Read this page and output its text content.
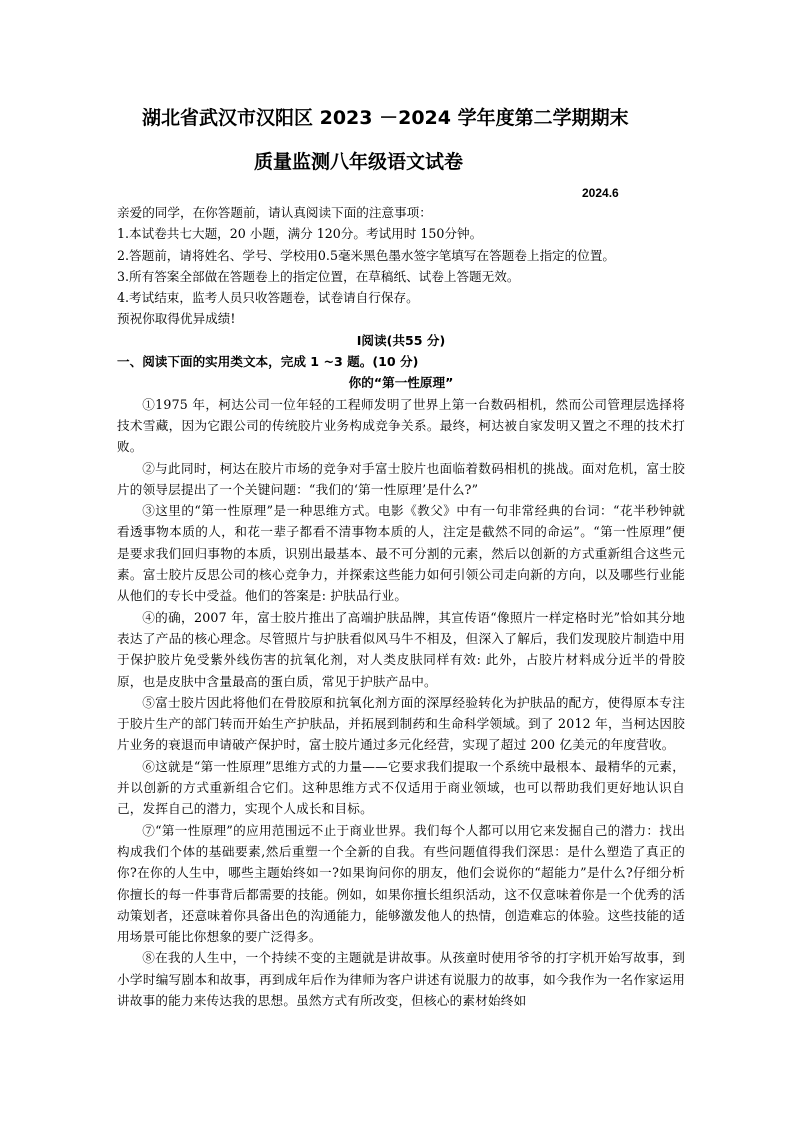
湖北省武汉市汉阳区 2023 －2024 学年度第二学期期末
质量监测八年级语文试卷
2024.6

亲爱的同学，在你答题前，请认真阅读下面的注意事项：

1.本试卷共七大题，20 小题，满分 120分。考试用时 150分钟。

2.答题前，请将姓名、学号、学校用0.5毫米黑色墨水签字笔填写在答题卷上指定的位置。

3.所有答案全部做在答题卷上的指定位置，在草稿纸、试卷上答题无效。

4.考试结束，监考人员只收答题卷，试卷请自行保存。

预祝你取得优异成绩!

Ⅰ阅读(共55 分)

一、阅读下面的实用类文本，完成 1 ~3 题。(10 分)

你的“第一性原理”

①1975 年，柯达公司一位年轻的工程师发明了世界上第一台数码相机，然而公司管理层选择将技术雪藏，因为它跟公司的传统胶片业务构成竞争关系。最终，柯达被自家发明又置之不理的技术打败。

②与此同时，柯达在胶片市场的竞争对手富士胶片也面临着数码相机的挑战。面对危机，富士胶片的领导层提出了一个关键问题：“我们的‘第一性原理’是什么?”

③这里的“第一性原理”是一种思维方式。电影《教父》中有一句非常经典的台词：“花半秒钟就看透事物本质的人，和花一辈子都看不清事物本质的人，注定是截然不同的命运”。“第一性原理”便是要求我们回归事物的本质，识别出最基本、最不可分割的元素，然后以创新的方式重新组合这些元素。富士胶片反思公司的核心竞争力，并探索这些能力如何引领公司走向新的方向，以及哪些行业能从他们的专长中受益。他们的答案是: 护肤品行业。

④的确，2007 年，富士胶片推出了高端护肤品牌，其宣传语“像照片一样定格时光”恰如其分地表达了产品的核心理念。尽管照片与护肤看似风马牛不相及，但深入了解后，我们发现胶片制造中用于保护胶片免受紫外线伤害的抗氧化剂，对人类皮肤同样有效: 此外，占胶片材料成分近半的骨胶原，也是皮肤中含量最高的蛋白质，常见于护肤产品中。

⑤富士胶片因此将他们在骨胶原和抗氧化剂方面的深厚经验转化为护肤品的配方，使得原本专注于胶片生产的部门转而开始生产护肤品，并拓展到制药和生命科学领域。到了 2012 年，当柯达因胶片业务的衰退而申请破产保护时，富士胶片通过多元化经营，实现了超过 200 亿美元的年度营收。

⑥这就是“第一性原理”思维方式的力量——它要求我们提取一个系统中最根本、最精华的元素，并以创新的方式重新组合它们。这种思维方式不仅适用于商业领域，也可以帮助我们更好地认识自己，发挥自己的潜力，实现个人成长和目标。

⑦“第一性原理”的应用范围远不止于商业世界。我们每个人都可以用它来发掘自己的潜力：找出构成我们个体的基础要素,然后重塑一个全新的自我。有些问题值得我们深思：是什么塑造了真正的你?在你的人生中，哪些主题始终如一?如果询问你的朋友，他们会说你的“超能力”是什么?仔细分析你擅长的每一件事背后都需要的技能。例如，如果你擅长组织活动，这不仅意味着你是一个优秀的活动策划者，还意味着你具备出色的沟通能力，能够激发他人的热情，创造难忘的体验。这些技能的适用场景可能比你想象的要广泛得多。

⑧在我的人生中，一个持续不变的主题就是讲故事。从孩童时使用爷爷的打字机开始写故事，到小学时编写剧本和故事，再到成年后作为律师为客户讲述有说服力的故事，如今我作为一名作家运用讲故事的能力来传达我的思想。虽然方式有所改变，但核心的素材始终如
